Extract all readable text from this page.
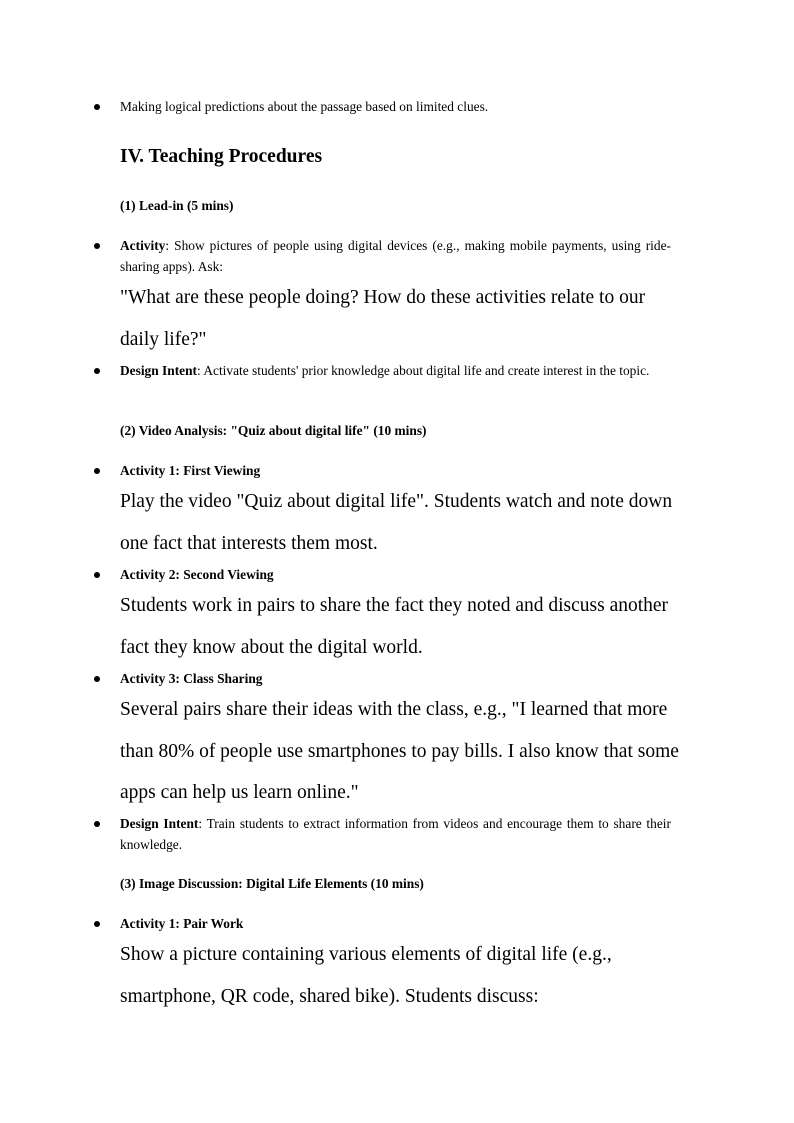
Making logical predictions about the passage based on limited clues.
IV. Teaching Procedures
(1) Lead-in (5 mins)
Activity: Show pictures of people using digital devices (e.g., making mobile payments, using ride-sharing apps). Ask:
"What are these people doing? How do these activities relate to our daily life?"
Design Intent: Activate students' prior knowledge about digital life and create interest in the topic.
(2) Video Analysis: "Quiz about digital life" (10 mins)
Activity 1: First Viewing
Play the video "Quiz about digital life". Students watch and note down one fact that interests them most.
Activity 2: Second Viewing
Students work in pairs to share the fact they noted and discuss another fact they know about the digital world.
Activity 3: Class Sharing
Several pairs share their ideas with the class, e.g., "I learned that more than 80% of people use smartphones to pay bills. I also know that some apps can help us learn online."
Design Intent: Train students to extract information from videos and encourage them to share their knowledge.
(3) Image Discussion: Digital Life Elements (10 mins)
Activity 1: Pair Work
Show a picture containing various elements of digital life (e.g., smartphone, QR code, shared bike). Students discuss:
